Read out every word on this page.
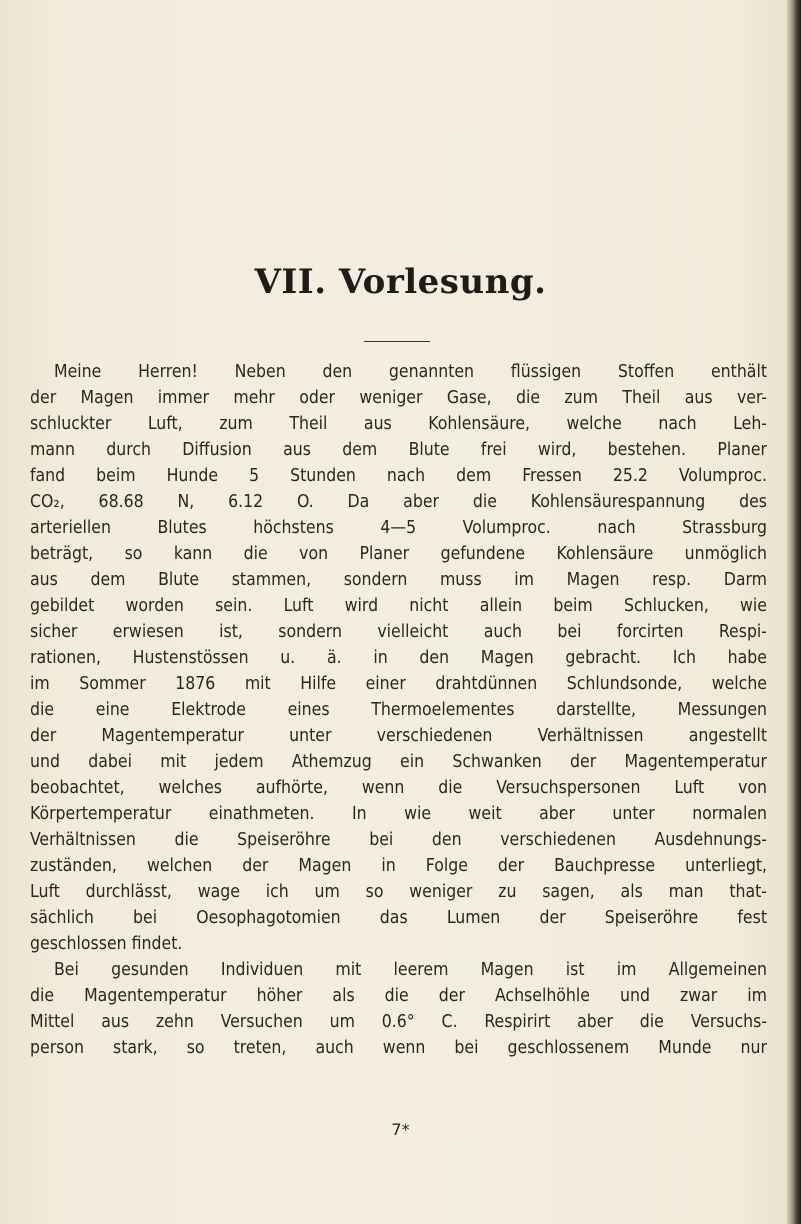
VII. Vorlesung.
Meine Herren! Neben den genannten flüssigen Stoffen enthält
der Magen immer mehr oder weniger Gase, die zum Theil aus ver-
schluckter Luft, zum Theil aus Kohlensäure, welche nach Leh-
mann durch Diffusion aus dem Blute frei wird, bestehen. Planer
fand beim Hunde 5 Stunden nach dem Fressen 25.2 Volumproc.
CO₂, 68.68 N, 6.12 O. Da aber die Kohlensäurespannung des
arteriellen Blutes höchstens 4—5 Volumproc. nach Strassburg
beträgt, so kann die von Planer gefundene Kohlensäure unmöglich
aus dem Blute stammen, sondern muss im Magen resp. Darm
gebildet worden sein. Luft wird nicht allein beim Schlucken, wie
sicher erwiesen ist, sondern vielleicht auch bei forcirten Respi-
rationen, Hustenstössen u. ä. in den Magen gebracht. Ich habe
im Sommer 1876 mit Hilfe einer drahtdünnen Schlundsonde, welche
die eine Elektrode eines Thermoelementes darstellte, Messungen
der Magentemperatur unter verschiedenen Verhältnissen angestellt
und dabei mit jedem Athemzug ein Schwanken der Magentemperatur
beobachtet, welches aufhörte, wenn die Versuchspersonen Luft von
Körpertemperatur einathmeten. In wie weit aber unter normalen
Verhältnissen die Speiseröhre bei den verschiedenen Ausdehnungs-
zuständen, welchen der Magen in Folge der Bauchpresse unterliegt,
Luft durchlässt, wage ich um so weniger zu sagen, als man that-
sächlich bei Oesophagotomien das Lumen der Speiseröhre fest
geschlossen findet.
Bei gesunden Individuen mit leerem Magen ist im Allgemeinen
die Magentemperatur höher als die der Achselhöhle und zwar im
Mittel aus zehn Versuchen um 0.6° C. Respirirt aber die Versuchs-
person stark, so treten, auch wenn bei geschlossenem Munde nur
7*
